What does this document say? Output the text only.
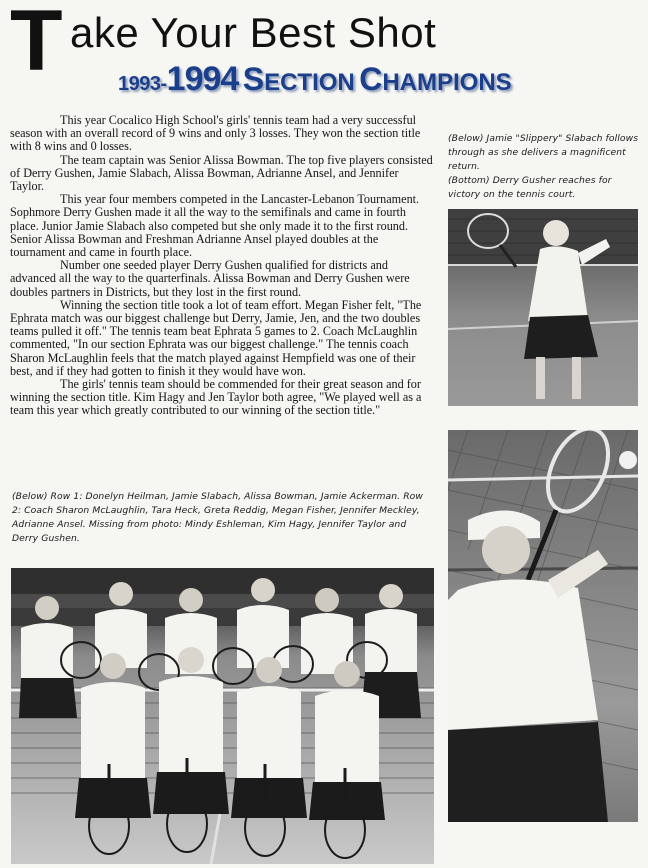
T ake Your Best Shot
1993-1994 SECTION CHAMPIONS

This year Cocalico High School's girls' tennis team had a very successful season with an overall record of 9 wins and only 3 losses. They won the section title with 8 wins and 0 losses.

The team captain was Senior Alissa Bowman. The top five players consisted of Derry Gushen, Jamie Slabach, Alissa Bowman, Adrianne Ansel, and Jennifer Taylor.

This year four members competed in the Lancaster-Lebanon Tournament. Sophmore Derry Gushen made it all the way to the semifinals and came in fourth place. Junior Jamie Slabach also competed but she only made it to the first round. Senior Alissa Bowman and Freshman Adrianne Ansel played doubles at the tournament and came in fourth place.

Number one seeded player Derry Gushen qualified for districts and advanced all the way to the quarterfinals. Alissa Bowman and Derry Gushen were doubles partners in Districts, but they lost in the first round.

Winning the section title took a lot of team effort. Megan Fisher felt, "The Ephrata match was our biggest challenge but Derry, Jamie, Jen, and the two doubles teams pulled it off." The tennis team beat Ephrata 5 games to 2. Coach McLaughlin commented, "In our section Ephrata was our biggest challenge." The tennis coach Sharon McLaughlin feels that the match played against Hempfield was one of their best, and if they had gotten to finish it they would have won.

The girls' tennis team should be commended for their great season and for winning the section title. Kim Hagy and Jen Taylor both agree, "We played well as a team this year which greatly contributed to our winning of the section title."

(Below) Jamie "Slippery" Slabach follows through as she delivers a magnificent return.
(Bottom) Derry Gusher reaches for victory on the tennis court.
(Below) Row 1: Donelyn Heilman, Jamie Slabach, Alissa Bowman, Jamie Ackerman. Row 2: Coach Sharon McLaughlin, Tara Heck, Greta Reddig, Megan Fisher, Jennifer Meckley, Adrianne Ansel. Missing from photo: Mindy Eshleman, Kim Hagy, Jennifer Taylor and Derry Gushen.
